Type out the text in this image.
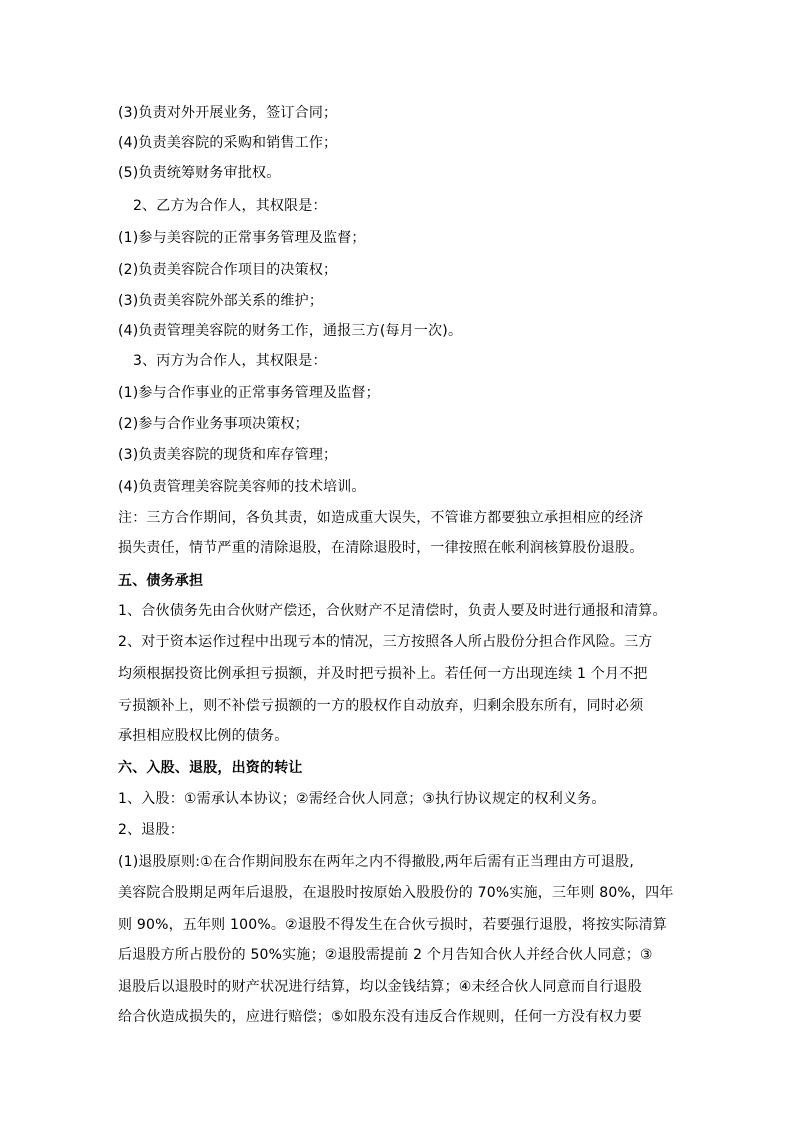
(3)负责对外开展业务，签订合同；
(4)负责美容院的采购和销售工作；
(5)负责统筹财务审批权。
2、乙方为合作人，其权限是：
(1)参与美容院的正常事务管理及监督；
(2)负责美容院合作项目的决策权；
(3)负责美容院外部关系的维护；
(4)负责管理美容院的财务工作，通报三方(每月一次)。
3、丙方为合作人，其权限是：
(1)参与合作事业的正常事务管理及监督；
(2)参与合作业务事项决策权；
(3)负责美容院的现货和库存管理；
(4)负责管理美容院美容师的技术培训。
注：三方合作期间，各负其责，如造成重大误失，不管谁方都要独立承担相应的经济
损失责任，情节严重的清除退股，在清除退股时，一律按照在帐利润核算股份退股。
五、债务承担
1、合伙债务先由合伙财产偿还，合伙财产不足清偿时，负责人要及时进行通报和清算。
2、对于资本运作过程中出现亏本的情况，三方按照各人所占股份分担合作风险。三方
均须根据投资比例承担亏损额，并及时把亏损补上。若任何一方出现连续 1 个月不把
亏损额补上，则不补偿亏损额的一方的股权作自动放弃，归剩余股东所有，同时必须
承担相应股权比例的债务。
六、入股、退股，出资的转让
1、入股：①需承认本协议；②需经合伙人同意；③执行协议规定的权利义务。
2、退股：
(1)退股原则:①在合作期间股东在两年之内不得撤股,两年后需有正当理由方可退股,
美容院合股期足两年后退股，在退股时按原始入股股份的 70%实施，三年则 80%，四年
则 90%，五年则 100%。②退股不得发生在合伙亏损时，若要强行退股，将按实际清算
后退股方所占股份的 50%实施；②退股需提前 2 个月告知合伙人并经合伙人同意；③
退股后以退股时的财产状况进行结算，均以金钱结算；④未经合伙人同意而自行退股
给合伙造成损失的，应进行赔偿；⑤如股东没有违反合作规则，任何一方没有权力要
